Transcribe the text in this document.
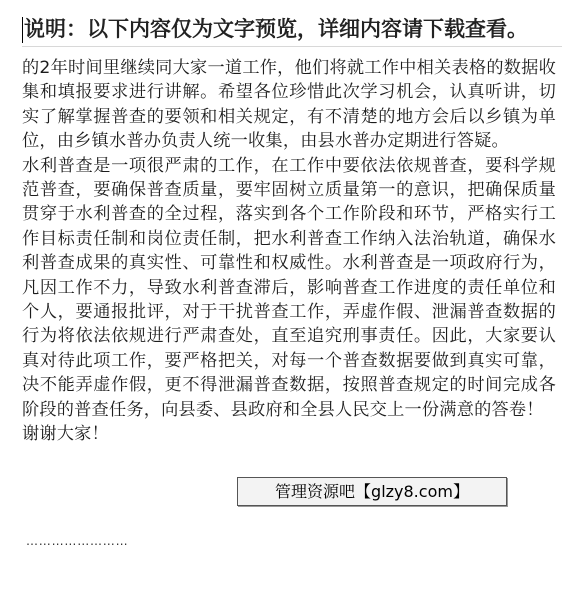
说明：以下内容仅为文字预览，详细内容请下载查看。

的2年时间里继续同大家一道工作，他们将就工作中相关表格的数据收集和填报要求进行讲解。希望各位珍惜此次学习机会，认真听讲，切实了解掌握普查的要领和相关规定，有不清楚的地方会后以乡镇为单位，由乡镇水普办负责人统一收集，由县水普办定期进行答疑。

水利普查是一项很严肃的工作，在工作中要依法依规普查，要科学规范普查，要确保普查质量，要牢固树立质量第一的意识，把确保质量贯穿于水利普查的全过程，落实到各个工作阶段和环节，严格实行工作目标责任制和岗位责任制，把水利普查工作纳入法治轨道，确保水利普查成果的真实性、可靠性和权威性。水利普查是一项政府行为，凡因工作不力，导致水利普查滞后，影响普查工作进度的责任单位和个人，要通报批评，对于干扰普查工作，弄虚作假、泄漏普查数据的行为将依法依规进行严肃查处，直至追究刑事责任。因此，大家要认真对待此项工作，要严格把关，对每一个普查数据要做到真实可靠，决不能弄虚作假，更不得泄漏普查数据，按照普查规定的时间完成各阶段的普查任务，向县委、县政府和全县人民交上一份满意的答卷！

谢谢大家！

……………………
管理资源吧【glzy8.com】
